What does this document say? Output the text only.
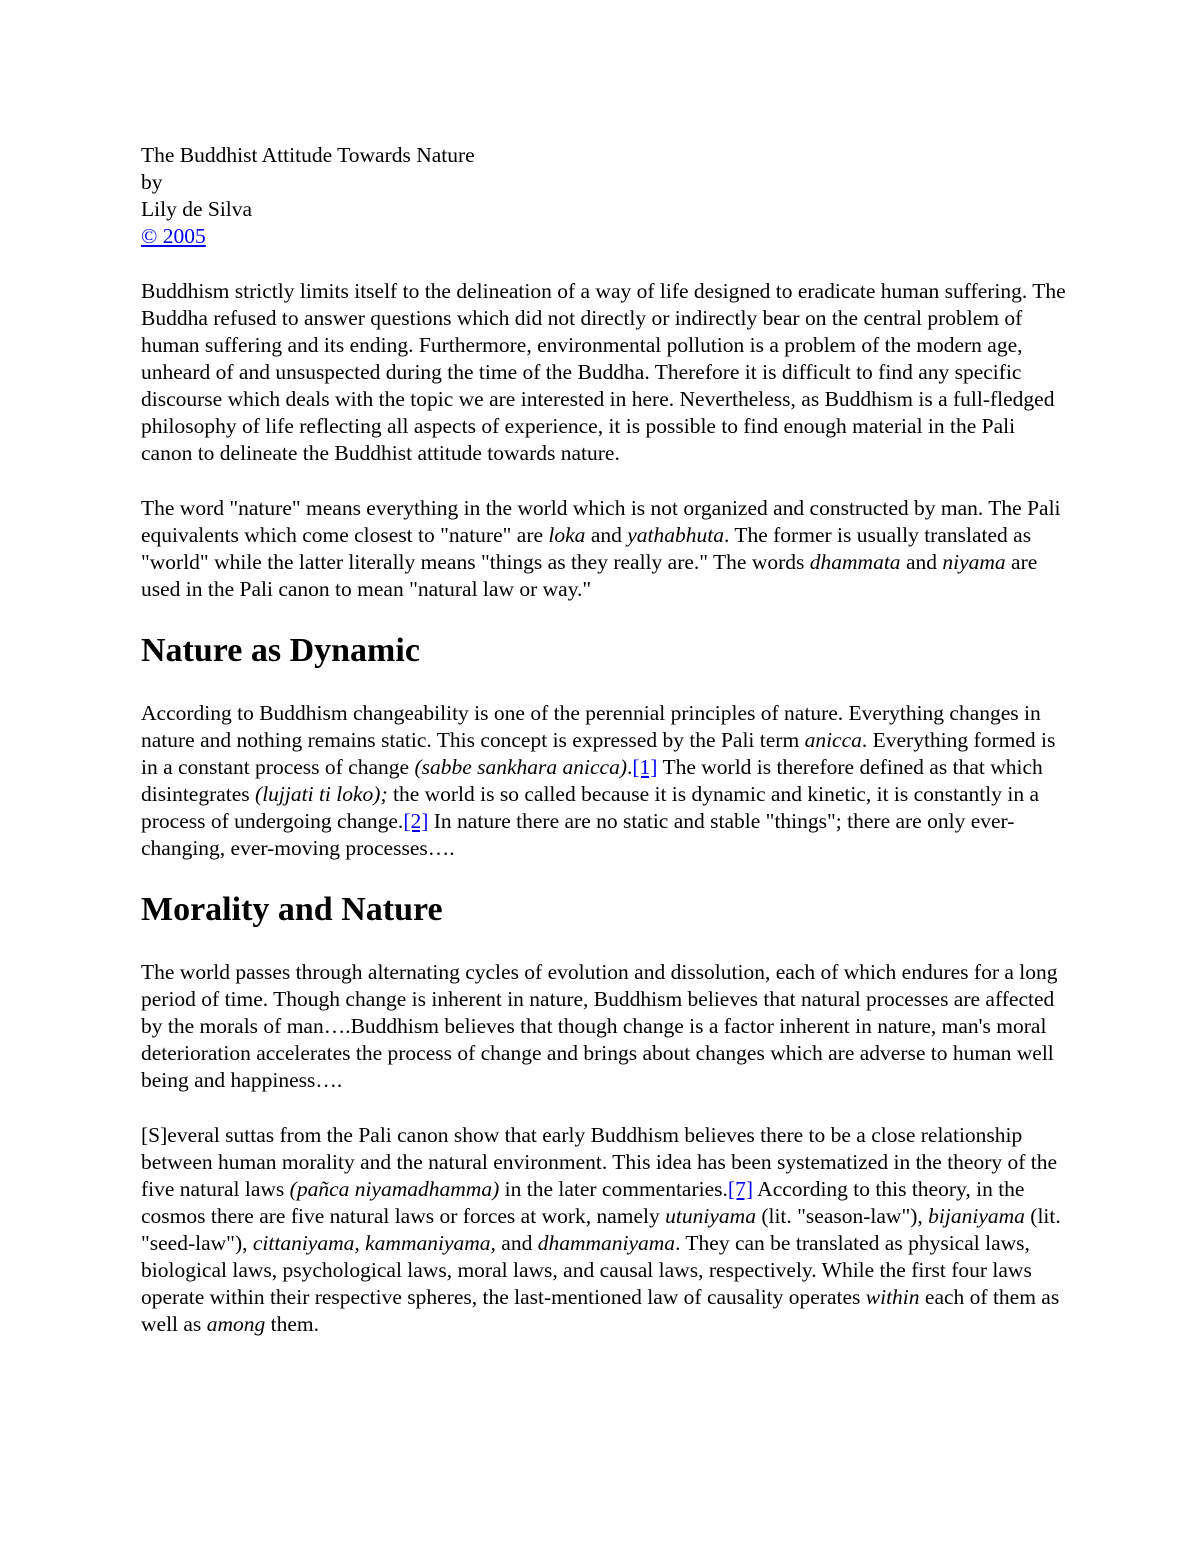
The Buddhist Attitude Towards Nature
by
Lily de Silva
© 2005

Buddhism strictly limits itself to the delineation of a way of life designed to eradicate human suffering. The Buddha refused to answer questions which did not directly or indirectly bear on the central problem of human suffering and its ending. Furthermore, environmental pollution is a problem of the modern age, unheard of and unsuspected during the time of the Buddha. Therefore it is difficult to find any specific discourse which deals with the topic we are interested in here. Nevertheless, as Buddhism is a full-fledged philosophy of life reflecting all aspects of experience, it is possible to find enough material in the Pali canon to delineate the Buddhist attitude towards nature.

The word "nature" means everything in the world which is not organized and constructed by man. The Pali equivalents which come closest to "nature" are loka and yathabhuta. The former is usually translated as "world" while the latter literally means "things as they really are." The words dhammata and niyama are used in the Pali canon to mean "natural law or way."

Nature as Dynamic

According to Buddhism changeability is one of the perennial principles of nature. Everything changes in nature and nothing remains static. This concept is expressed by the Pali term anicca. Everything formed is in a constant process of change (sabbe sankhara anicca).[1] The world is therefore defined as that which disintegrates (lujjati ti loko); the world is so called because it is dynamic and kinetic, it is constantly in a process of undergoing change.[2] In nature there are no static and stable "things"; there are only ever-changing, ever-moving processes….

Morality and Nature

The world passes through alternating cycles of evolution and dissolution, each of which endures for a long period of time. Though change is inherent in nature, Buddhism believes that natural processes are affected by the morals of man….Buddhism believes that though change is a factor inherent in nature, man's moral deterioration accelerates the process of change and brings about changes which are adverse to human well being and happiness….

[S]everal suttas from the Pali canon show that early Buddhism believes there to be a close relationship between human morality and the natural environment. This idea has been systematized in the theory of the five natural laws (pañca niyamadhamma) in the later commentaries.[7] According to this theory, in the cosmos there are five natural laws or forces at work, namely utuniyama (lit. "season-law"), bijaniyama (lit. "seed-law"), cittaniyama, kammaniyama, and dhammaniyama. They can be translated as physical laws, biological laws, psychological laws, moral laws, and causal laws, respectively. While the first four laws operate within their respective spheres, the last-mentioned law of causality operates within each of them as well as among them.
